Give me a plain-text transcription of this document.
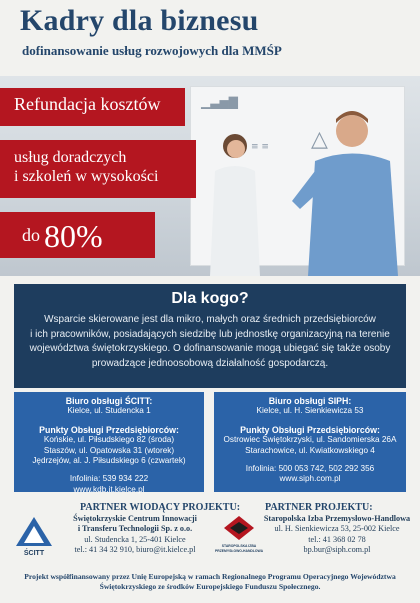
Kadry dla biznesu
dofinansowanie usług rozwojowych dla MMŚP
▁▃▅▇
△
≡ ≡
Refundacja kosztów
usług doradczych
i szkoleń w wysokości
do 80%
Dla kogo?

Wsparcie skierowane jest dla mikro, małych oraz średnich przedsiębiorców
i ich pracowników, posiadających siedzibę lub jednostkę organizacyjną na terenie
województwa świętokrzyskiego. O dofinansowanie mogą ubiegać się także osoby
prowadzące jednoosobową działalność gospodarczą.

Biuro obsługi ŚCITT:
Kielce, ul. Studencka 1
Punkty Obsługi Przedsiębiorców:
Końskie, ul. Piłsudskiego 82 (środa)
Staszów, ul. Opatowska 31 (wtorek)
Jędrzejów, al. J. Piłsudskiego 6 (czwartek)
Infolinia: 539 934 222
www.kdb.it.kielce.pl
Biuro obsługi SIPH:
Kielce, ul. H. Sienkiewicza 53
Punkty Obsługi Przedsiębiorców:
Ostrowiec Świętokrzyski, ul. Sandomierska 26A
Starachowice, ul. Kwiatkowskiego 4
Infolinia: 500 053 742, 502 292 356
www.siph.com.pl
PARTNER WIODĄCY PROJEKTU: PARTNER PROJEKTU:
ŚCITT
Świętokrzyskie Centrum Innowacji
i Transferu Technologii Sp. z o.o.
ul. Studencka 1, 25-401 Kielce
tel.: 41 34 32 910, biuro@it.kielce.pl	STAROPOLSKA IZBA
PRZEMYSŁOWO-HANDLOWA
Staropolska Izba Przemysłowo-Handlowa
ul. H. Sienkiewicza 53, 25-002 Kielce
tel.: 41 368 02 78
bp.bur@siph.com.pl
Projekt współfinansowany przez Unię Europejską w ramach Regionalnego Programu Operacyjnego Województwa
Świętokrzyskiego ze środków Europejskiego Funduszu Społecznego.
